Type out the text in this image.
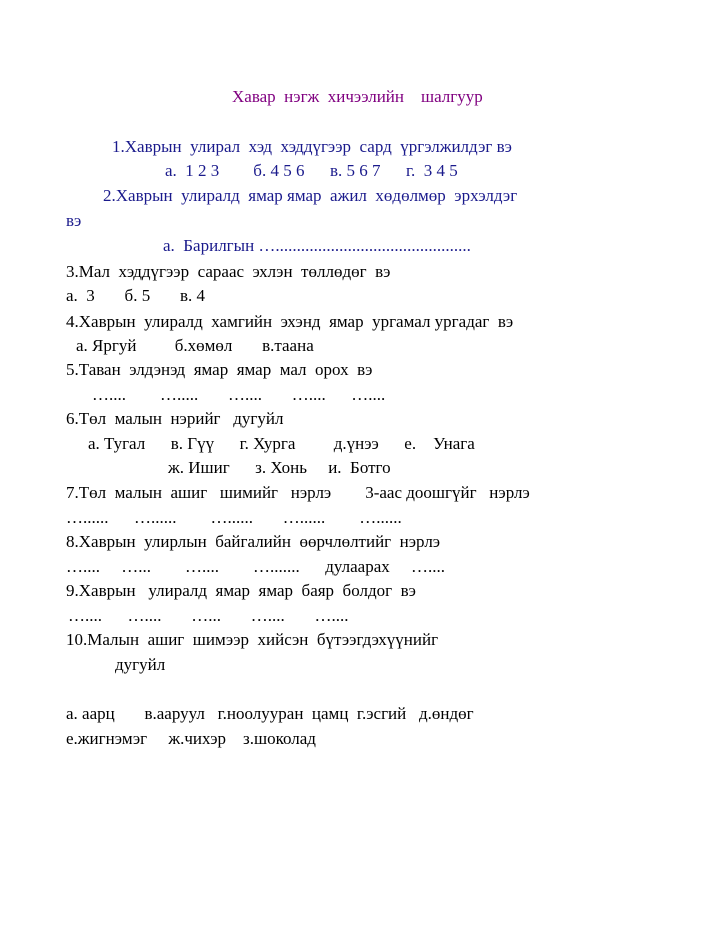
Хавар  нэгж  хичээлийн    шалгуур
1.Хаврын  улирал  хэд  хэддүгээр  сард  үргэлжилдэг вэ
а.  1 2 3        б. 4 5 6      в. 5 6 7      г.  3 4 5
2.Хаврын  улиралд  ямар ямар  ажил  хөдөлмөр  эрхэлдэг
вэ
а.  Барилгын …..............................................
3.Мал  хэддүгээр  сараас  эхлэн  төллөдөг  вэ
а.  3       б. 5       в. 4
4.Хаврын  улиралд  хамгийн  эхэнд  ямар  ургамал ургадаг  вэ
а. Яргуй         б.хөмөл       в.таана
5.Таван  элдэнэд  ямар  ямар  мал  орох  вэ
…....        ….....       …....       …....      …....
6.Төл  малын  нэрийг   дугуйл
а. Тугал      в. Гүү      г. Хурга         д.үнээ      е.    Унага
ж. Ишиг      з. Хонь     и.  Ботго
7.Төл  малын  ашиг   шимийг   нэрлэ        3-аас доошгүйг   нэрлэ
…......      …......        …......       …......        …......
8.Хаврын  улирлын  байгалийн  өөрчлөлтийг  нэрлэ
…....     …...        …....        ….......      дулаарах     …....
9.Хаврын   улиралд  ямар  ямар  баяр  болдог  вэ
…....      …....       …...       …....       …....
10.Малын  ашиг  шимээр  хийсэн  бүтээгдэхүүнийг
дугуйл
а. аарц       в.ааруул   г.ноолууран  цамц  г.эсгий   д.өндөг
е.жигнэмэг     ж.чихэр    з.шоколад
